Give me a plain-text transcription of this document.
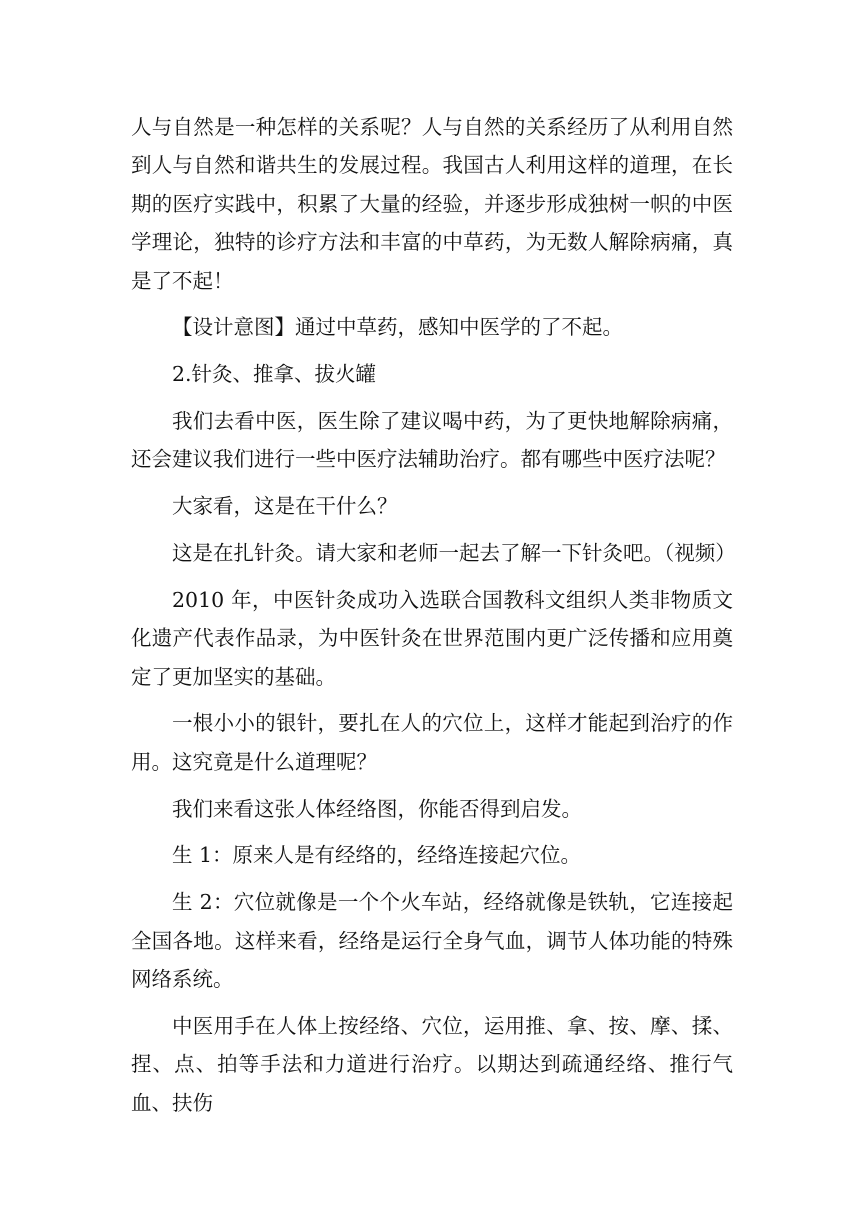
人与自然是一种怎样的关系呢？人与自然的关系经历了从利用自然到人与自然和谐共生的发展过程。我国古人利用这样的道理，在长期的医疗实践中，积累了大量的经验，并逐步形成独树一帜的中医学理论，独特的诊疗方法和丰富的中草药，为无数人解除病痛，真是了不起！

【设计意图】通过中草药，感知中医学的了不起。

2.针灸、推拿、拔火罐

我们去看中医，医生除了建议喝中药，为了更快地解除病痛，还会建议我们进行一些中医疗法辅助治疗。都有哪些中医疗法呢？

大家看，这是在干什么？

这是在扎针灸。请大家和老师一起去了解一下针灸吧。（视频）

2010 年，中医针灸成功入选联合国教科文组织人类非物质文化遗产代表作品录，为中医针灸在世界范围内更广泛传播和应用奠定了更加坚实的基础。

一根小小的银针，要扎在人的穴位上，这样才能起到治疗的作用。这究竟是什么道理呢？

我们来看这张人体经络图，你能否得到启发。

生 1：原来人是有经络的，经络连接起穴位。

生 2：穴位就像是一个个火车站，经络就像是铁轨，它连接起全国各地。这样来看，经络是运行全身气血，调节人体功能的特殊网络系统。

中医用手在人体上按经络、穴位，运用推、拿、按、摩、揉、捏、点、拍等手法和力道进行治疗。以期达到疏通经络、推行气血、扶伤
